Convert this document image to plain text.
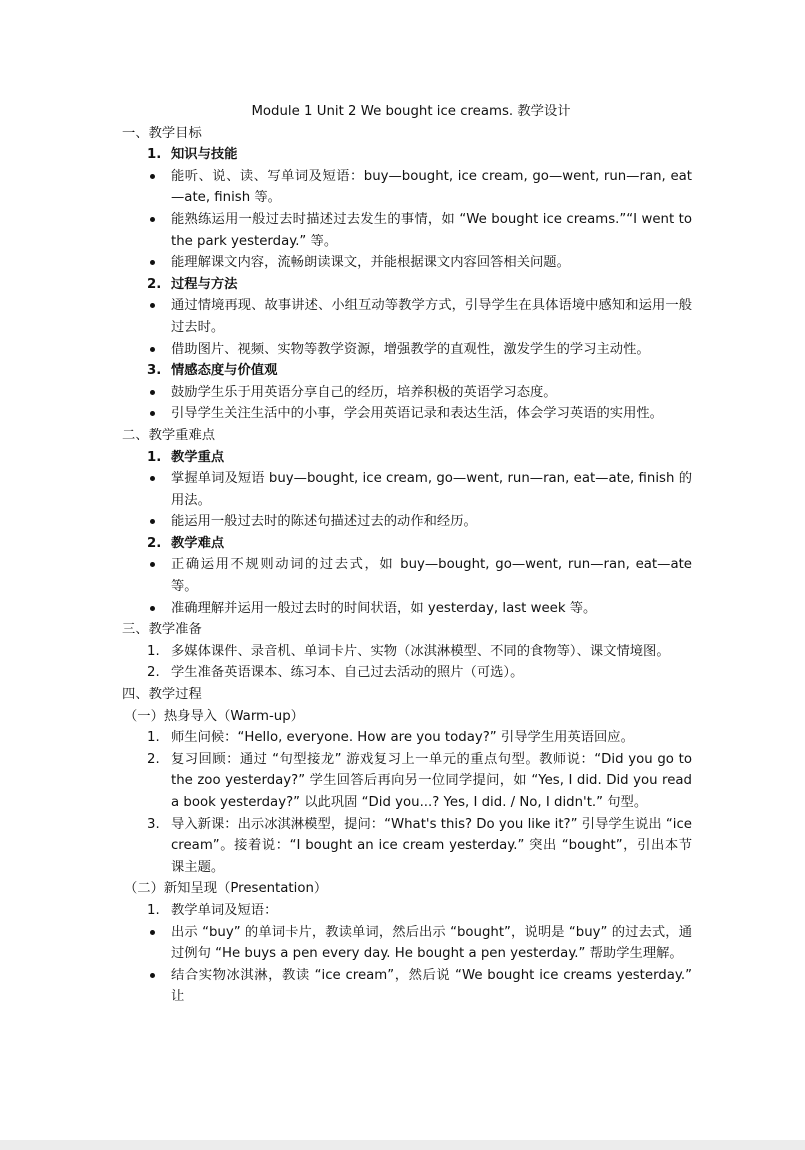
Module 1 Unit 2 We bought ice creams. 教学设计
一、教学目标
1. 知识与技能
能听、说、读、写单词及短语：buy—bought, ice cream, go—went, run—ran, eat—ate, finish 等。
能熟练运用一般过去时描述过去发生的事情，如 “We bought ice creams.”“I went to the park yesterday.” 等。
能理解课文内容，流畅朗读课文，并能根据课文内容回答相关问题。
2. 过程与方法
通过情境再现、故事讲述、小组互动等教学方式，引导学生在具体语境中感知和运用一般过去时。
借助图片、视频、实物等教学资源，增强教学的直观性，激发学生的学习主动性。
3. 情感态度与价值观
鼓励学生乐于用英语分享自己的经历，培养积极的英语学习态度。
引导学生关注生活中的小事，学会用英语记录和表达生活，体会学习英语的实用性。
二、教学重难点
1. 教学重点
掌握单词及短语 buy—bought, ice cream, go—went, run—ran, eat—ate, finish 的用法。
能运用一般过去时的陈述句描述过去的动作和经历。
2. 教学难点
正确运用不规则动词的过去式，如 buy—bought, go—went, run—ran, eat—ate 等。
准确理解并运用一般过去时的时间状语，如 yesterday, last week 等。
三、教学准备
1. 多媒体课件、录音机、单词卡片、实物（冰淇淋模型、不同的食物等）、课文情境图。
2. 学生准备英语课本、练习本、自己过去活动的照片（可选）。
四、教学过程
（一）热身导入（Warm-up）
1. 师生问候：“Hello, everyone. How are you today?” 引导学生用英语回应。
2. 复习回顾：通过 “句型接龙” 游戏复习上一单元的重点句型。教师说：“Did you go to the zoo yesterday?” 学生回答后再向另一位同学提问，如 “Yes, I did. Did you read a book yesterday?” 以此巩固 “Did you...? Yes, I did. / No, I didn't.” 句型。
3. 导入新课：出示冰淇淋模型，提问：“What's this? Do you like it?” 引导学生说出 “ice cream”。接着说：“I bought an ice cream yesterday.” 突出 “bought”，引出本节课主题。
（二）新知呈现（Presentation）
1. 教学单词及短语：
出示 “buy” 的单词卡片，教读单词，然后出示 “bought”，说明是 “buy” 的过去式，通过例句 “He buys a pen every day. He bought a pen yesterday.” 帮助学生理解。
结合实物冰淇淋，教读 “ice cream”，然后说 “We bought ice creams yesterday.” 让
